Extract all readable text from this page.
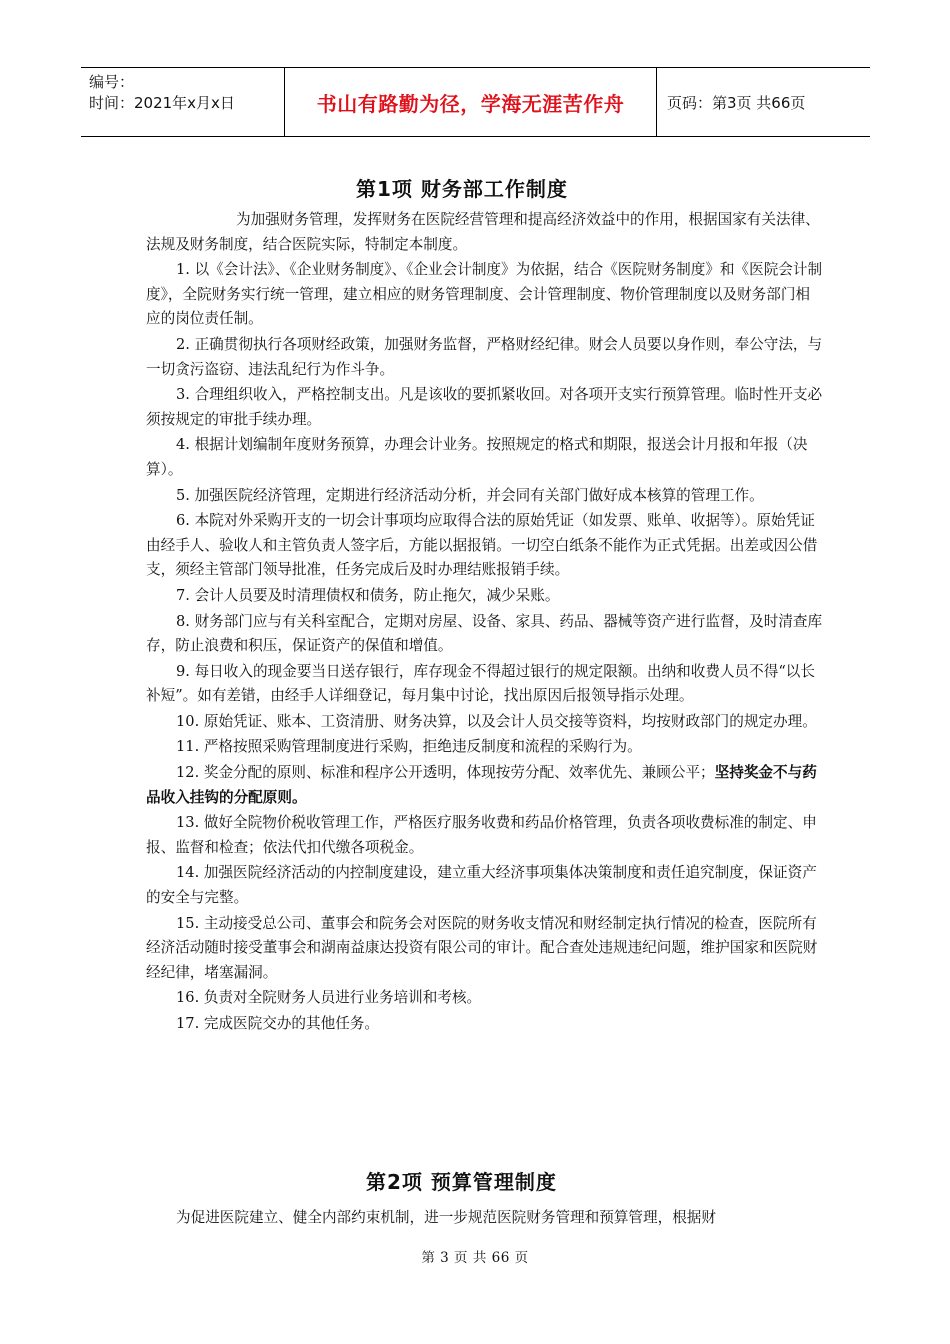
编号：
时间：2021年x月x日	书山有路勤为径，学海无涯苦作舟	页码：第3页 共66页
第1项 财务部工作制度

为加强财务管理，发挥财务在医院经营管理和提高经济效益中的作用，根据国家有关法律、法规及财务制度，结合医院实际，特制定本制度。

1. 以《会计法》、《企业财务制度》、《企业会计制度》为依据，结合《医院财务制度》和《医院会计制度》，全院财务实行统一管理，建立相应的财务管理制度、会计管理制度、物价管理制度以及财务部门相应的岗位责任制。

2. 正确贯彻执行各项财经政策，加强财务监督，严格财经纪律。财会人员要以身作则，奉公守法，与一切贪污盗窃、违法乱纪行为作斗争。

3. 合理组织收入，严格控制支出。凡是该收的要抓紧收回。对各项开支实行预算管理。临时性开支必须按规定的审批手续办理。

4. 根据计划编制年度财务预算，办理会计业务。按照规定的格式和期限，报送会计月报和年报（决算）。

5. 加强医院经济管理，定期进行经济活动分析，并会同有关部门做好成本核算的管理工作。

6. 本院对外采购开支的一切会计事项均应取得合法的原始凭证（如发票、账单、收据等）。原始凭证由经手人、验收人和主管负责人签字后，方能以据报销。一切空白纸条不能作为正式凭据。出差或因公借支，须经主管部门领导批准，任务完成后及时办理结账报销手续。

7. 会计人员要及时清理债权和债务，防止拖欠，减少呆账。

8. 财务部门应与有关科室配合，定期对房屋、设备、家具、药品、器械等资产进行监督，及时清查库存，防止浪费和积压，保证资产的保值和增值。

9. 每日收入的现金要当日送存银行，库存现金不得超过银行的规定限额。出纳和收费人员不得“以长补短”。如有差错，由经手人详细登记，每月集中讨论，找出原因后报领导指示处理。

10. 原始凭证、账本、工资清册、财务决算，以及会计人员交接等资料，均按财政部门的规定办理。

11. 严格按照采购管理制度进行采购，拒绝违反制度和流程的采购行为。

12. 奖金分配的原则、标准和程序公开透明，体现按劳分配、效率优先、兼顾公平；坚持奖金不与药品收入挂钩的分配原则。

13. 做好全院物价税收管理工作，严格医疗服务收费和药品价格管理，负责各项收费标准的制定、申报、监督和检查；依法代扣代缴各项税金。

14. 加强医院经济活动的内控制度建设，建立重大经济事项集体决策制度和责任追究制度，保证资产的安全与完整。

15. 主动接受总公司、董事会和院务会对医院的财务收支情况和财经制定执行情况的检查，医院所有经济活动随时接受董事会和湖南益康达投资有限公司的审计。配合查处违规违纪问题，维护国家和医院财经纪律，堵塞漏洞。

16. 负责对全院财务人员进行业务培训和考核。

17. 完成医院交办的其他任务。

第2项 预算管理制度

为促进医院建立、健全内部约束机制，进一步规范医院财务管理和预算管理，根据财

第 3 页 共 66 页
